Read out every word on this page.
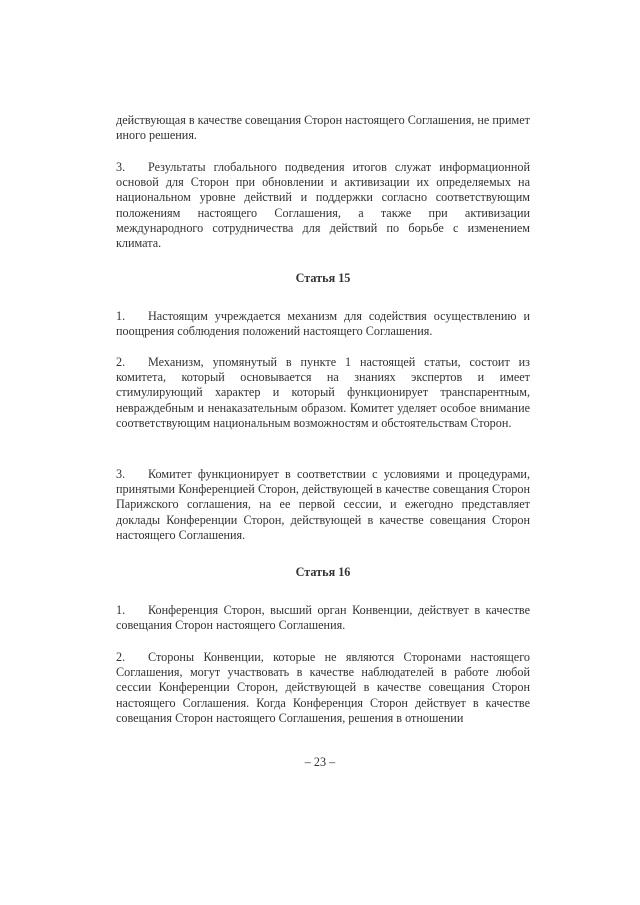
действующая в качестве совещания Сторон настоящего Соглашения, не примет иного решения.

3. Результаты глобального подведения итогов служат информационной основой для Сторон при обновлении и активизации их определяемых на национальном уровне действий и поддержки согласно соответствующим положениям настоящего Соглашения, а также при активизации международного сотрудничества для действий по борьбе с изменением климата.

Статья 15

1. Настоящим учреждается механизм для содействия осуществлению и поощрения соблюдения положений настоящего Соглашения.

2. Механизм, упомянутый в пункте 1 настоящей статьи, состоит из комитета, который основывается на знаниях экспертов и имеет стимулирующий характер и который функционирует транспарентным, невраждебным и ненаказательным образом. Комитет уделяет особое внимание соответствующим национальным возможностям и обстоятельствам Сторон.

3. Комитет функционирует в соответствии с условиями и процедурами, принятыми Конференцией Сторон, действующей в качестве совещания Сторон Парижского соглашения, на ее первой сессии, и ежегодно представляет доклады Конференции Сторон, действующей в качестве совещания Сторон настоящего Соглашения.

Статья 16

1. Конференция Сторон, высший орган Конвенции, действует в качестве совещания Сторон настоящего Соглашения.

2. Стороны Конвенции, которые не являются Сторонами настоящего Соглашения, могут участвовать в качестве наблюдателей в работе любой сессии Конференции Сторон, действующей в качестве совещания Сторон настоящего Соглашения. Когда Конференция Сторон действует в качестве совещания Сторон настоящего Соглашения, решения в отношении

– 23 –
